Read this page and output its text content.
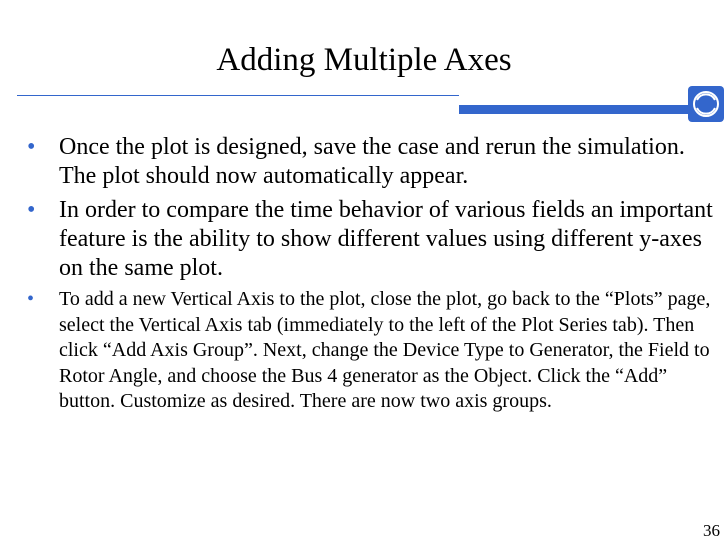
Adding Multiple Axes
• Once the plot is designed, save the case and rerun the simulation. The plot should now automatically appear.
• In order to compare the time behavior of various fields an important feature is the ability to show different values using different y-axes on the same plot.
• To add a new Vertical Axis to the plot, close the plot, go back to the “Plots” page, select the Vertical Axis tab (immediately to the left of the Plot Series tab). Then click “Add Axis Group”. Next, change the Device Type to Generator, the Field to Rotor Angle, and choose the Bus 4 generator as the Object. Click the “Add” button. Customize as desired. There are now two axis groups.
36
